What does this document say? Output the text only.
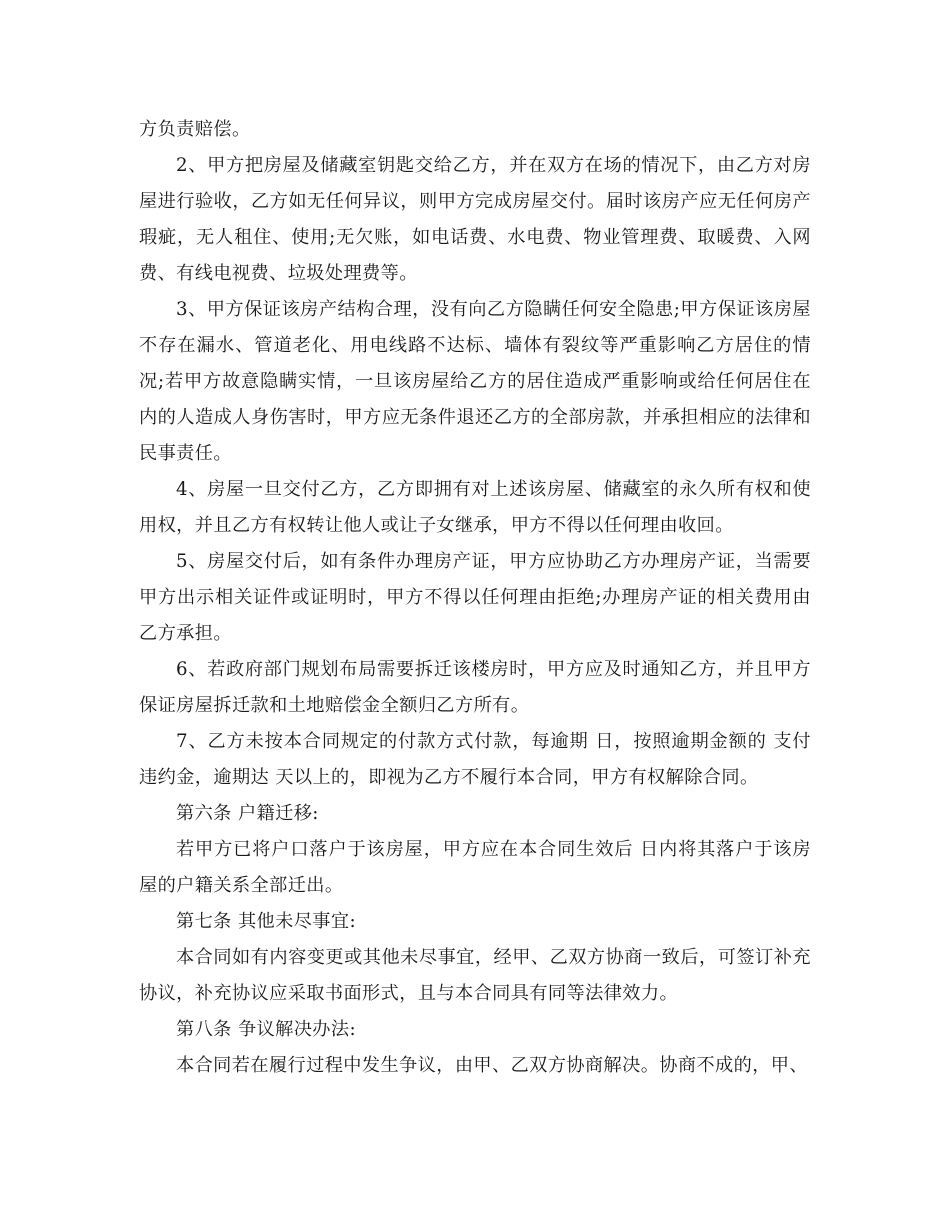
方负责赔偿。

2、甲方把房屋及储藏室钥匙交给乙方，并在双方在场的情况下，由乙方对房屋进行验收，乙方如无任何异议，则甲方完成房屋交付。届时该房产应无任何房产瑕疵，无人租住、使用;无欠账，如电话费、水电费、物业管理费、取暖费、入网费、有线电视费、垃圾处理费等。

3、甲方保证该房产结构合理，没有向乙方隐瞒任何安全隐患;甲方保证该房屋不存在漏水、管道老化、用电线路不达标、墙体有裂纹等严重影响乙方居住的情况;若甲方故意隐瞒实情，一旦该房屋给乙方的居住造成严重影响或给任何居住在内的人造成人身伤害时，甲方应无条件退还乙方的全部房款，并承担相应的法律和民事责任。

4、房屋一旦交付乙方，乙方即拥有对上述该房屋、储藏室的永久所有权和使用权，并且乙方有权转让他人或让子女继承，甲方不得以任何理由收回。

5、房屋交付后，如有条件办理房产证，甲方应协助乙方办理房产证，当需要甲方出示相关证件或证明时，甲方不得以任何理由拒绝;办理房产证的相关费用由乙方承担。

6、若政府部门规划布局需要拆迁该楼房时，甲方应及时通知乙方，并且甲方保证房屋拆迁款和土地赔偿金全额归乙方所有。

7、乙方未按本合同规定的付款方式付款，每逾期 日，按照逾期金额的 支付违约金，逾期达 天以上的，即视为乙方不履行本合同，甲方有权解除合同。

第六条 户籍迁移:

若甲方已将户口落户于该房屋，甲方应在本合同生效后 日内将其落户于该房屋的户籍关系全部迁出。

第七条 其他未尽事宜:

本合同如有内容变更或其他未尽事宜，经甲、乙双方协商一致后，可签订补充协议，补充协议应采取书面形式，且与本合同具有同等法律效力。

第八条 争议解决办法:

本合同若在履行过程中发生争议，由甲、乙双方协商解决。协商不成的，甲、
